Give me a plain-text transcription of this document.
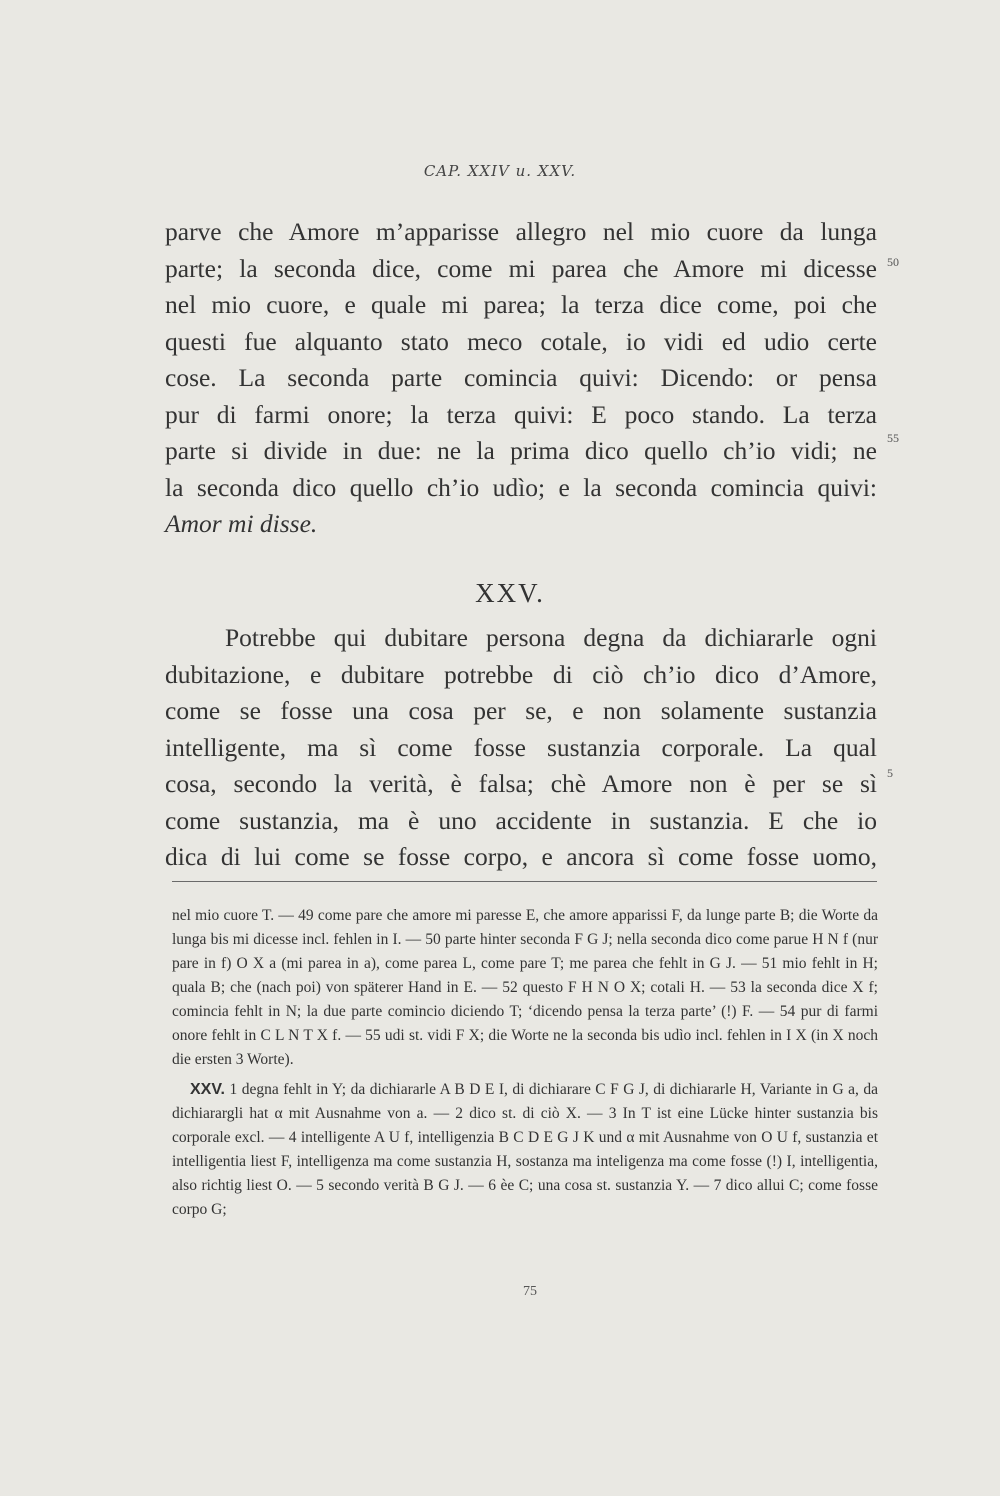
CAP. XXIV u. XXV.

parve che Amore m’apparisse allegro nel mio cuore da lunga
parte; la seconda dice, come mi parea che Amore mi dicesse
nel mio cuore, e quale mi parea; la terza dice come, poi che
questi fue alquanto stato meco cotale, io vidi ed udio certe
cose. La seconda parte comincia quivi: Dicendo: or pensa
pur di farmi onore; la terza quivi: E poco stando. La terza
parte si divide in due: ne la prima dico quello ch’io vidi; ne
la seconda dico quello ch’io udìo; e la seconda comincia quivi:
Amor mi disse.

50
55
XXV.

Potrebbe qui dubitare persona degna da dichiararle ogni
dubitazione, e dubitare potrebbe di ciò ch’io dico d’Amore,
come se fosse una cosa per se, e non solamente sustanzia
intelligente, ma sì come fosse sustanzia corporale. La qual
cosa, secondo la verità, è falsa; chè Amore non è per se sì
come sustanzia, ma è uno accidente in sustanzia. E che io
dica di lui come se fosse corpo, e ancora sì come fosse uomo,

5

nel mio cuore T. — 49 come pare che amore mi paresse E, che amore apparissi F, da lunge parte B; die Worte da lunga bis mi dicesse incl. fehlen in I. — 50 parte hinter seconda F G J; nella seconda dico come parue H N f (nur pare in f) O X a (mi parea in a), come parea L, come pare T; me parea che fehlt in G J. — 51 mio fehlt in H; quala B; che (nach poi) von späterer Hand in E. — 52 questo F H N O X; cotali H. — 53 la seconda dice X f; comincia fehlt in N; la due parte comincio diciendo T; ‘dicendo pensa la terza parte’ (!) F. — 54 pur di farmi onore fehlt in C L N T X f. — 55 udi st. vidi F X; die Worte ne la seconda bis udìo incl. fehlen in I X (in X noch die ersten 3 Worte).

XXV. 1 degna fehlt in Y; da dichiararle A B D E I, di dichiarare C F G J, di dichiararle H, Variante in G a, da dichiarargli hat α mit Ausnahme von a. — 2 dico st. di ciò X. — 3 In T ist eine Lücke hinter sustanzia bis corporale excl. — 4 intelligente A U f, intelligenzia B C D E G J K und α mit Ausnahme von O U f, sustanzia et intelligentia liest F, intelligenza ma come sustanzia H, sostanza ma inteligenza ma come fosse (!) I, intelligentia, also richtig liest O. — 5 secondo verità B G J. — 6 èe C; una cosa st. sustanzia Y. — 7 dico allui C; come fosse corpo G;

75
